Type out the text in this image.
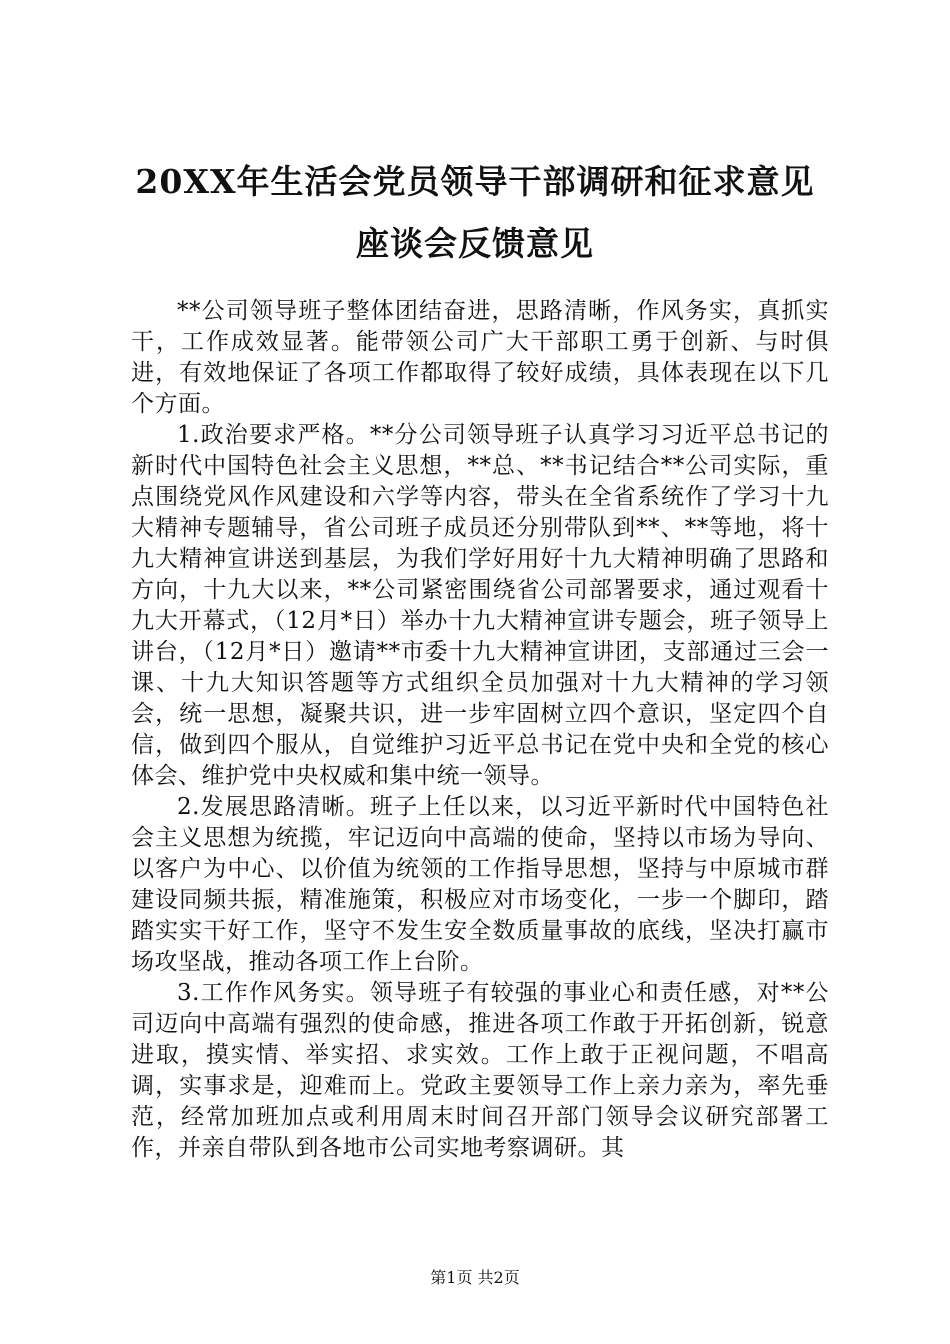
20XX年生活会党员领导干部调研和征求意见
座谈会反馈意见

**公司领导班子整体团结奋进，思路清晰，作风务实，真抓实干，工作成效显著。能带领公司广大干部职工勇于创新、与时俱进，有效地保证了各项工作都取得了较好成绩，具体表现在以下几个方面。

1.政治要求严格。**分公司领导班子认真学习习近平总书记的新时代中国特色社会主义思想，**总、**书记结合**公司实际，重点围绕党风作风建设和六学等内容，带头在全省系统作了学习十九大精神专题辅导，省公司班子成员还分别带队到**、**等地，将十九大精神宣讲送到基层，为我们学好用好十九大精神明确了思路和方向，十九大以来，**公司紧密围绕省公司部署要求，通过观看十九大开幕式，（12月*日）举办十九大精神宣讲专题会，班子领导上讲台，（12月*日）邀请**市委十九大精神宣讲团，支部通过三会一课、十九大知识答题等方式组织全员加强对十九大精神的学习领会，统一思想，凝聚共识，进一步牢固树立四个意识，坚定四个自信，做到四个服从，自觉维护习近平总书记在党中央和全党的核心体会、维护党中央权威和集中统一领导。

2.发展思路清晰。班子上任以来，以习近平新时代中国特色社会主义思想为统揽，牢记迈向中高端的使命，坚持以市场为导向、以客户为中心、以价值为统领的工作指导思想，坚持与中原城市群建设同频共振，精准施策，积极应对市场变化，一步一个脚印，踏踏实实干好工作，坚守不发生安全数质量事故的底线，坚决打赢市场攻坚战，推动各项工作上台阶。

3.工作作风务实。领导班子有较强的事业心和责任感，对**公司迈向中高端有强烈的使命感，推进各项工作敢于开拓创新，锐意进取，摸实情、举实招、求实效。工作上敢于正视问题，不唱高调，实事求是，迎难而上。党政主要领导工作上亲力亲为，率先垂范，经常加班加点或利用周末时间召开部门领导会议研究部署工作，并亲自带队到各地市公司实地考察调研。其

第1页 共2页
